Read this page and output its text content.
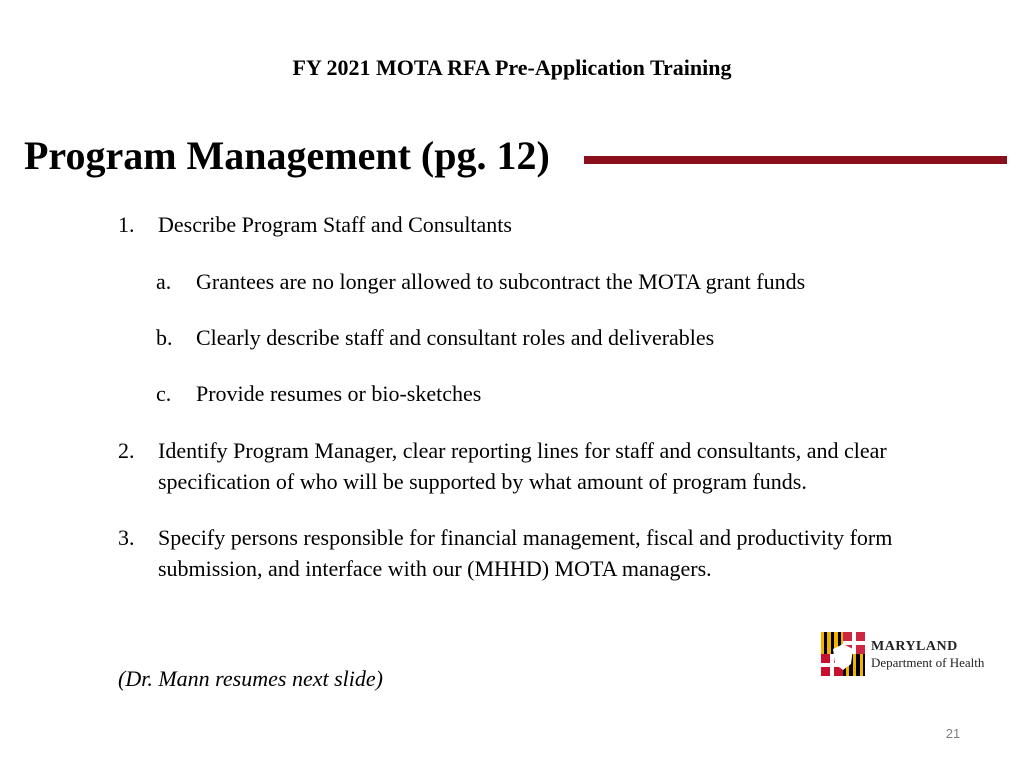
FY 2021 MOTA RFA Pre-Application Training
Program Management (pg. 12)
1.	Describe Program Staff and Consultants
a.	Grantees are no longer allowed to subcontract the MOTA grant funds
b.	Clearly describe staff and consultant roles and deliverables
c.	Provide resumes or bio-sketches
2.	Identify Program Manager, clear reporting lines for staff and consultants, and clear specification of who will be supported by what amount of program funds.
3.	Specify persons responsible for financial management, fiscal and productivity form submission, and interface with our (MHHD) MOTA managers.
MARYLAND
Department of Health
(Dr. Mann resumes next slide)
21
